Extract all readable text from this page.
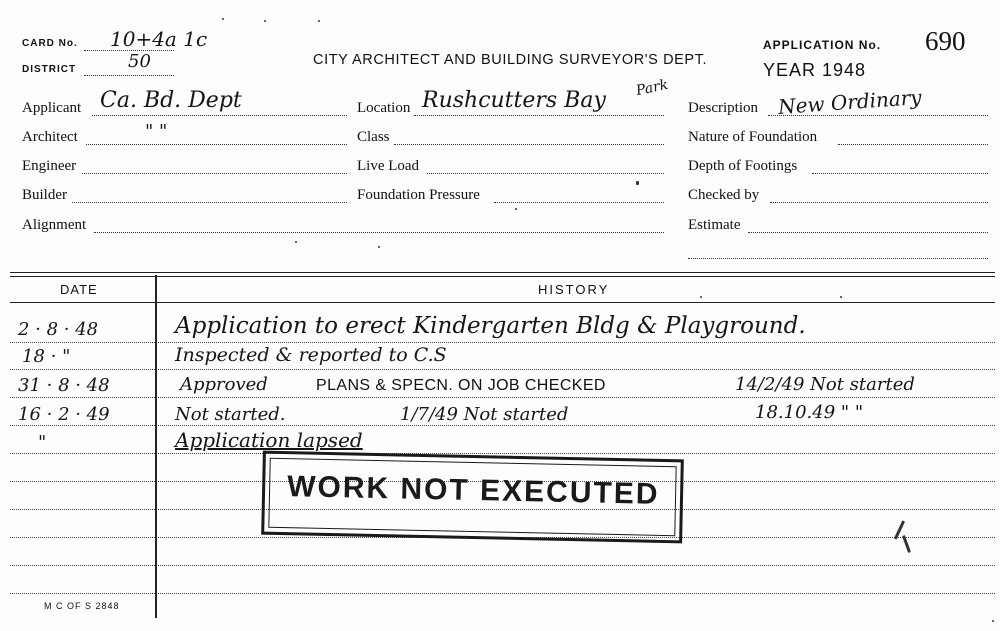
CARD No. 10+4a 1c
DISTRICT	50	CITY ARCHITECT AND BUILDING SURVEYOR'S DEPT.
APPLICATION No. 690
YEAR 1948
Applicant Ca. Bd. Dept
Architect	" "
Engineer
Builder
Alignment
Location Rushcutters Bay Park
Class
Live Load
Foundation Pressure
Description New Ordinary
Nature of Foundation
Depth of Footings
Checked by
Estimate
DATE	HISTORY
2 · 8 · 48	Application to erect Kindergarten Bldg & Playground.
18 · "	Inspected & reported to C.S
31 · 8 · 48	Approved	PLANS & SPECN. ON JOB CHECKED	14/2/49 Not started
16 · 2 · 49	Not started.	1/7/49 Not started	18.10.49 " "
"	Application lapsed
WORK NOT EXECUTED
M C OF S 2848
